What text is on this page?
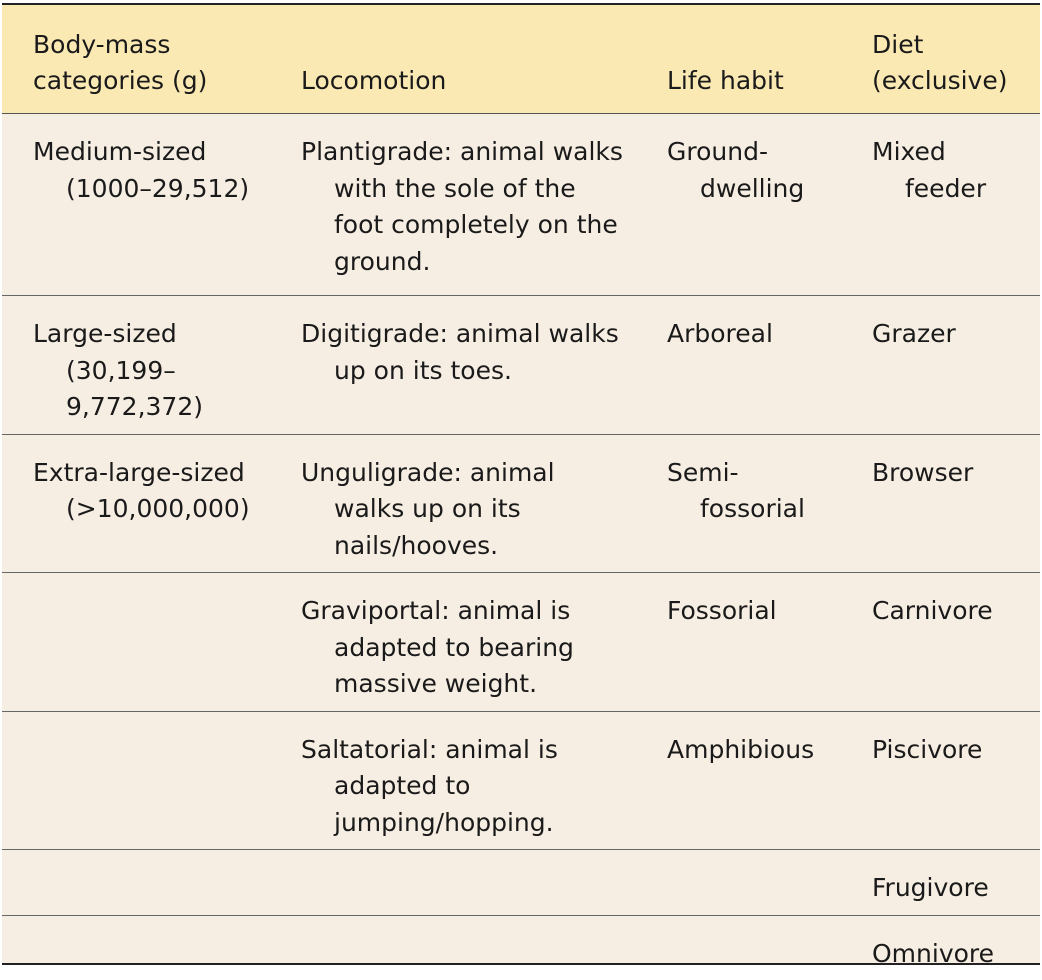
Body-mass categories (g)	Locomotion	Life habit	Diet (exclusive)

Medium-sized (1000–29,512)	Plantigrade: animal walks with the sole of the foot completely on the ground.	Ground-dwelling	Mixed feeder

Large-sized (30,199–9,772,372)	Digitigrade: animal walks up on its toes.	Arboreal	Grazer

Extra-large-sized (>10,000,000)	Unguligrade: animal walks up on its nails/hooves.	Semi-fossorial	Browser

	Graviportal: animal is adapted to bearing massive weight.	Fossorial	Carnivore

	Saltatorial: animal is adapted to jumping/hopping.	Amphibious	Piscivore

			Frugivore

			Omnivore
